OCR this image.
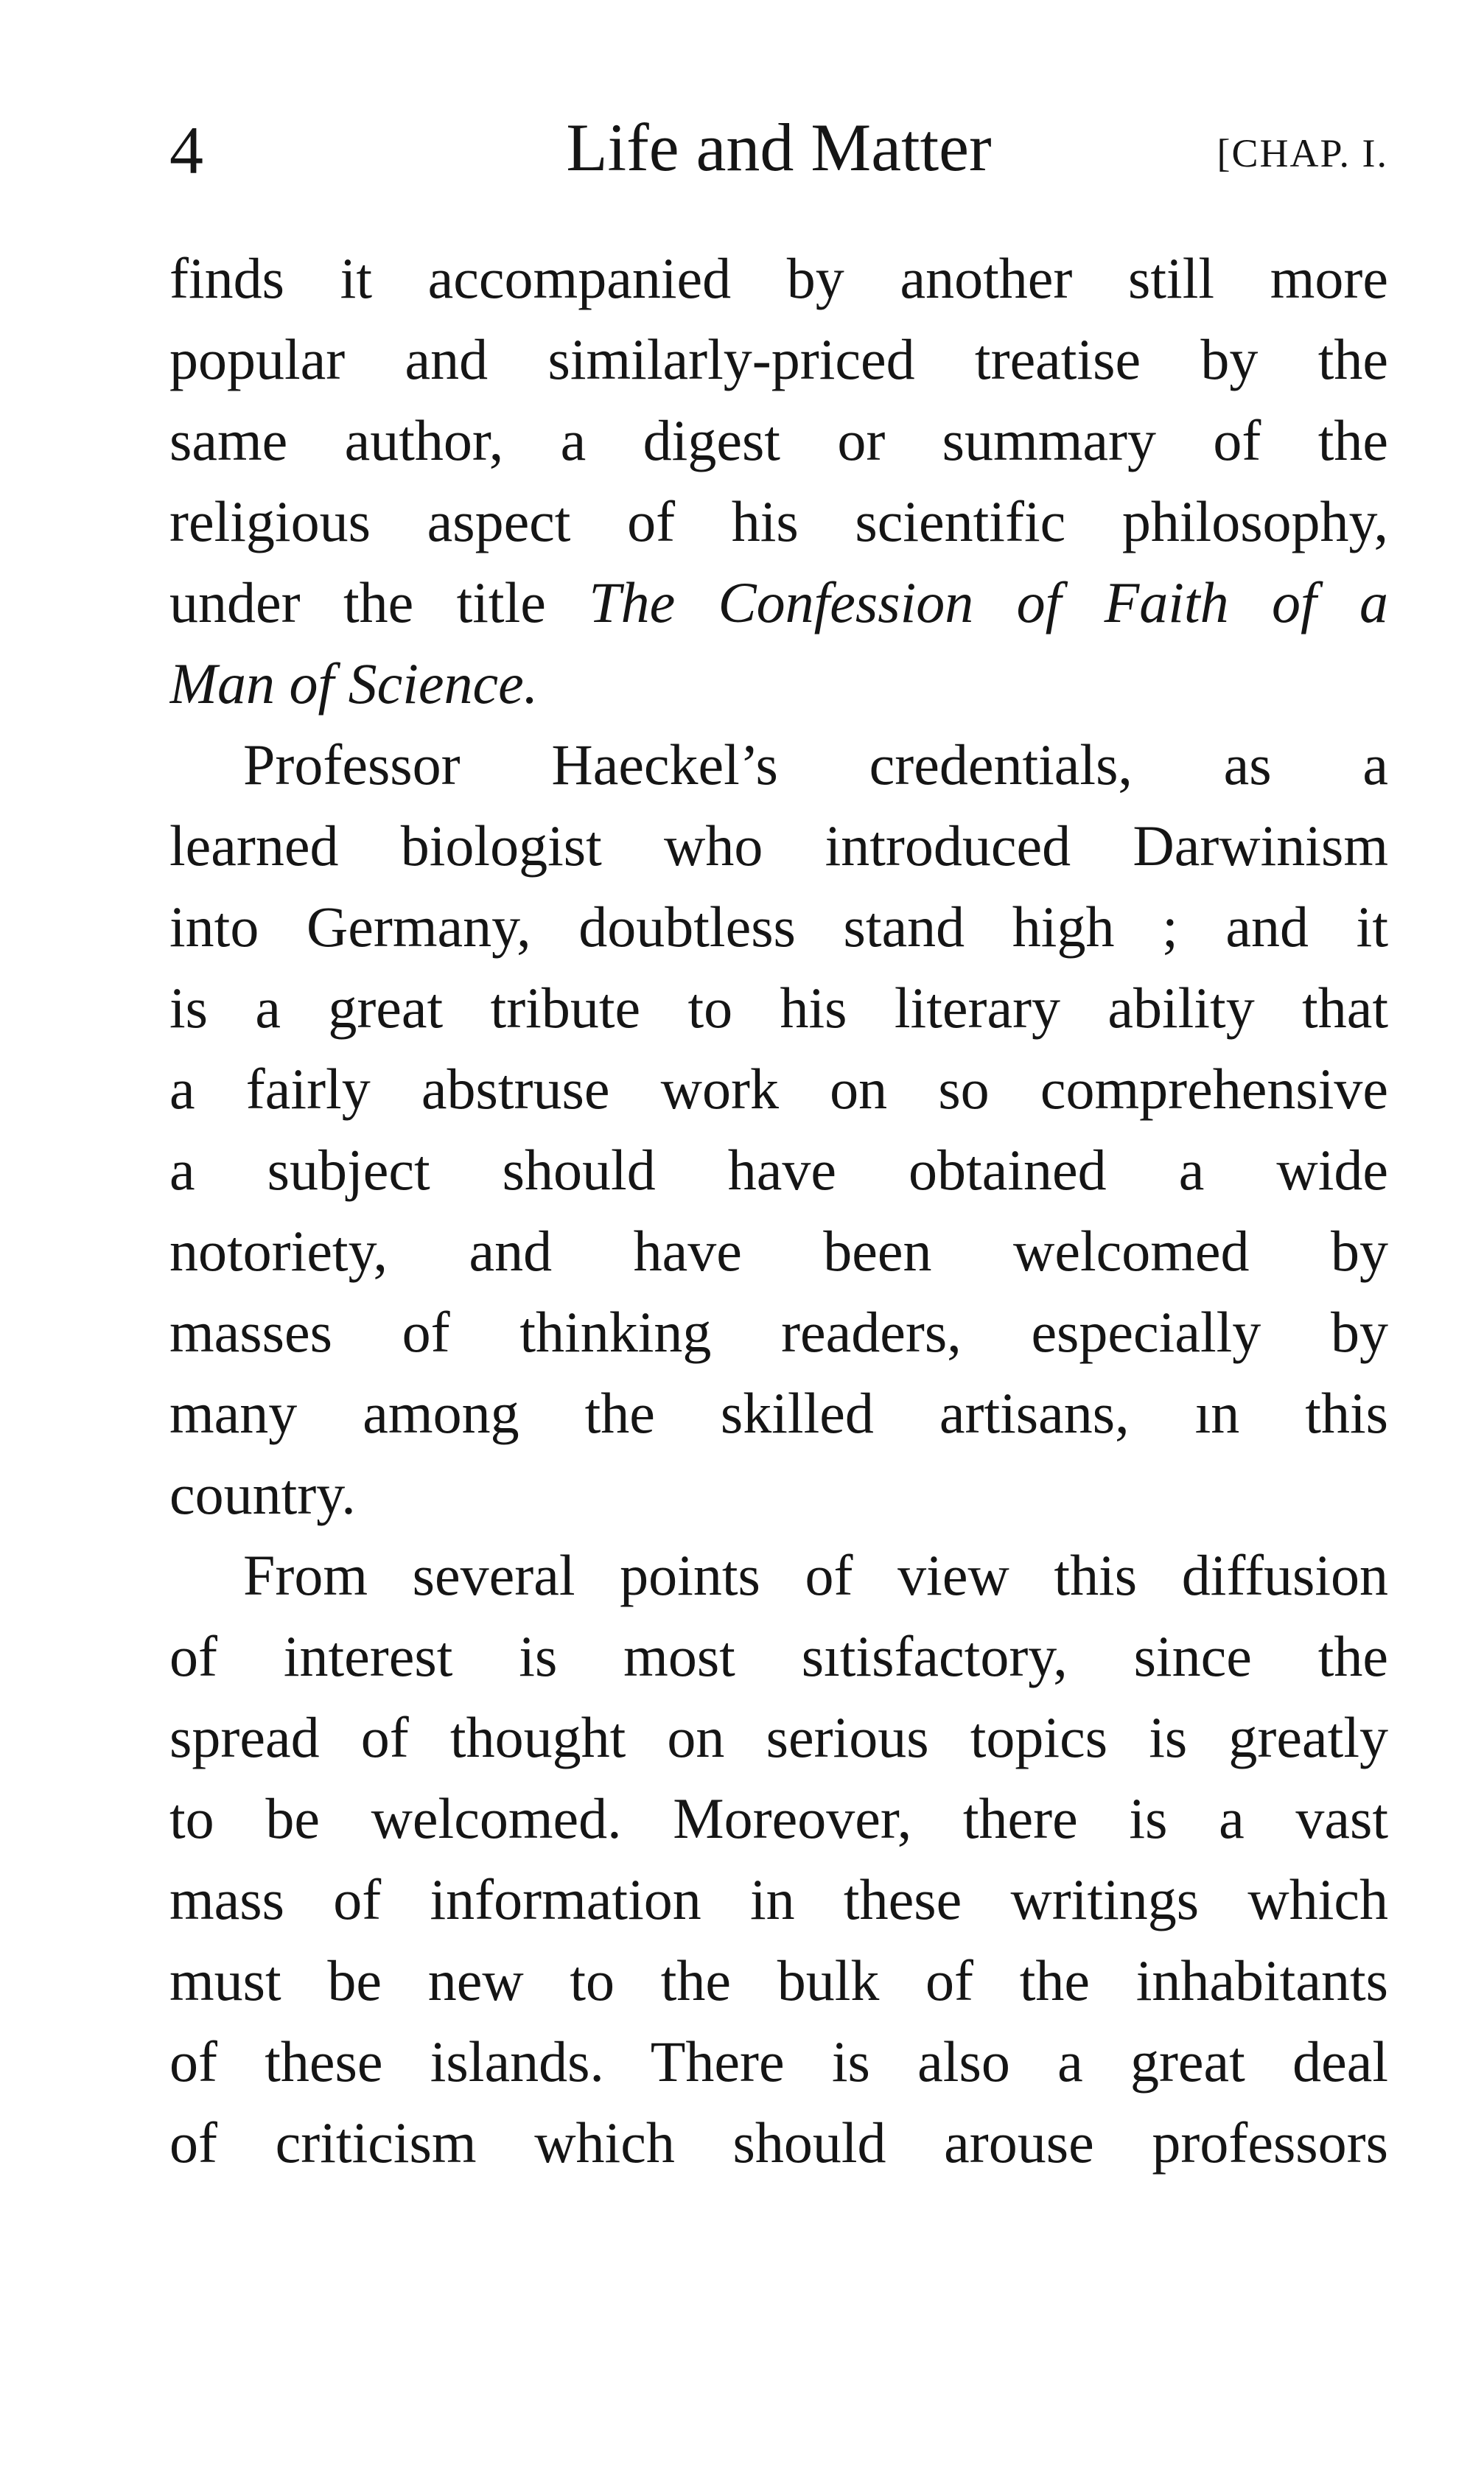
4	Life and Matter	[CHAP. I.
finds it accompanied by another still more
popular and similarly-priced treatise by the
same author, a digest or summary of the
religious aspect of his scientific philosophy,
under the title The Confession of Faith of a
Man of Science.
Professor Haeckel’s credentials, as a
learned biologist who introduced Darwinism
into Germany, doubtless stand high ; and it
is a great tribute to his literary ability that
a fairly abstruse work on so comprehensive
a subject should have obtained a wide
notoriety, and have been welcomed by
masses of thinking readers, especially by
many among the skilled artisans, ın this
country.
From several points of view this diffusion
of interest is most sıtisfactory, since the
spread of thought on serious topics is greatly
to be welcomed. Moreover, there is a vast
mass of information in these writings which
must be new to the bulk of the inhabitants
of these islands. There is also a great deal
of criticism which should arouse professors
